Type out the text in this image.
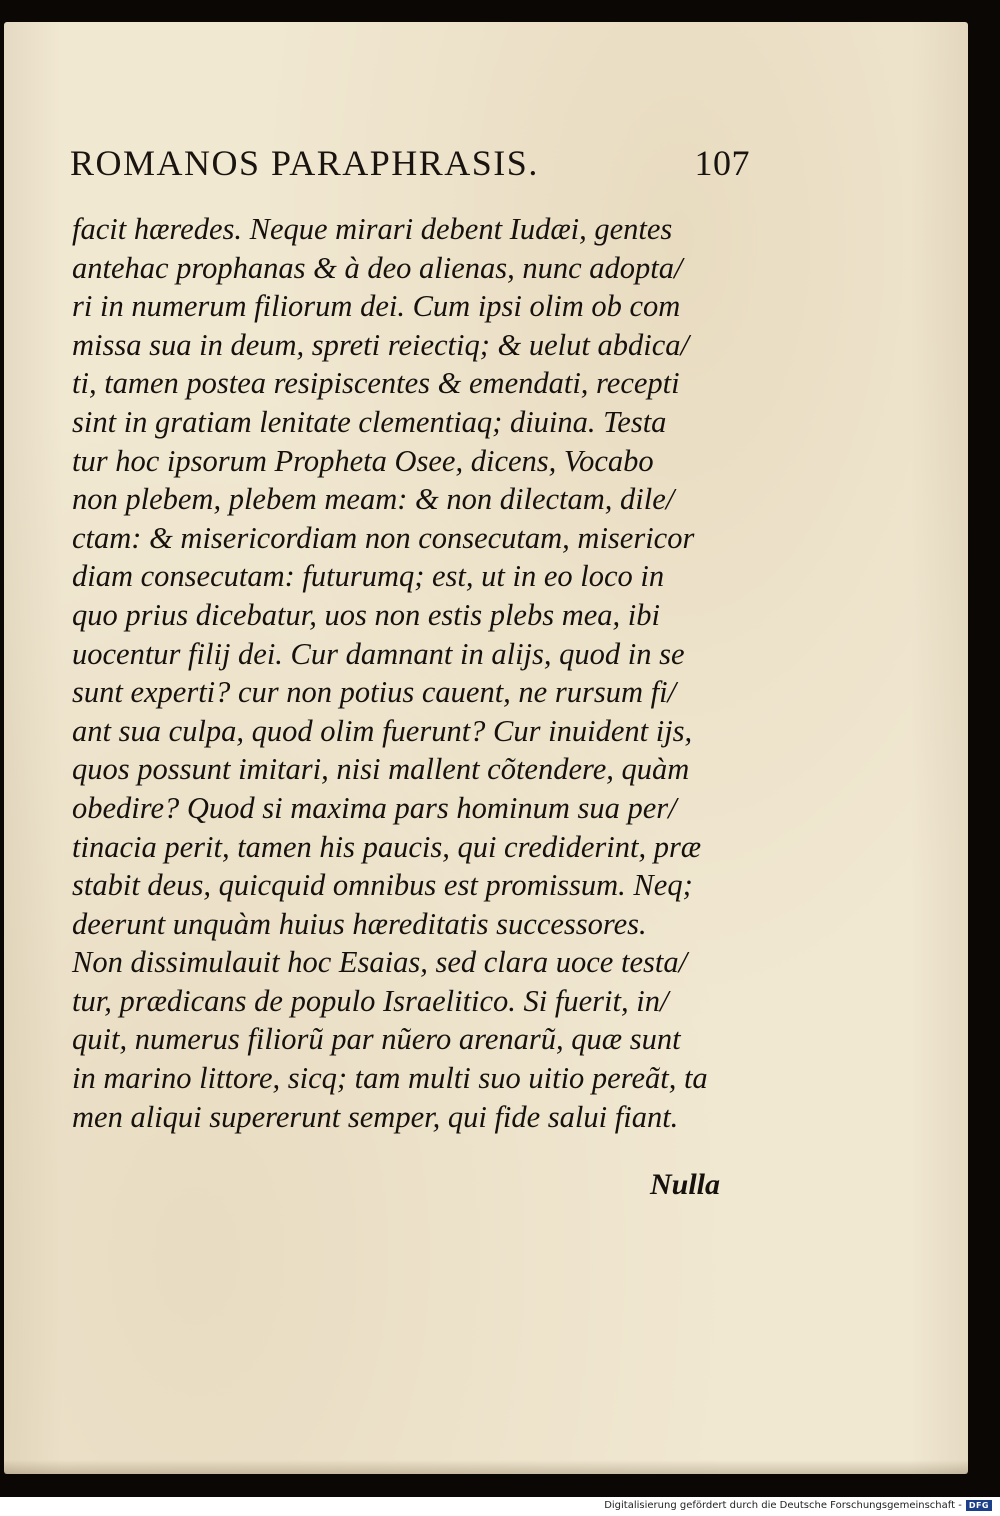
ROMANOS PARAPHRASIS.	107
facit hæredes. Neque mirari debent Iudæi, gentes
antehac prophanas & à deo alienas, nunc adopta/
ri in numerum filiorum dei. Cum ipsi olim ob com
missa sua in deum, spreti reiectiq; & uelut abdica/
ti, tamen postea resipiscentes & emendati, recepti
sint in gratiam lenitate clementiaq; diuina. Testa
tur hoc ipsorum Propheta Osee, dicens, Vocabo
non plebem, plebem meam: & non dilectam, dile/
ctam: & misericordiam non consecutam, misericor
diam consecutam: futurumq; est, ut in eo loco in
quo prius dicebatur, uos non estis plebs mea, ibi
uocentur filij dei. Cur damnant in alijs, quod in se
sunt experti? cur non potius cauent, ne rursum fi/
ant sua culpa, quod olim fuerunt? Cur inuident ijs,
quos possunt imitari, nisi mallent cõtendere, quàm
obedire? Quod si maxima pars hominum sua per/
tinacia perit, tamen his paucis, qui crediderint, præ
stabit deus, quicquid omnibus est promissum. Neq;
deerunt unquàm huius hæreditatis successores.
Non dissimulauit hoc Esaias, sed clara uoce testa/
tur, prædicans de populo Israelitico. Si fuerit, in/
quit, numerus filiorũ par nũero arenarũ, quæ sunt
in marino littore, sicq; tam multi suo uitio pereãt, ta
men aliqui supererunt semper, qui fide salui fiant.
Nulla
Digitalisierung gefördert durch die Deutsche Forschungsgemeinschaft - DFG
